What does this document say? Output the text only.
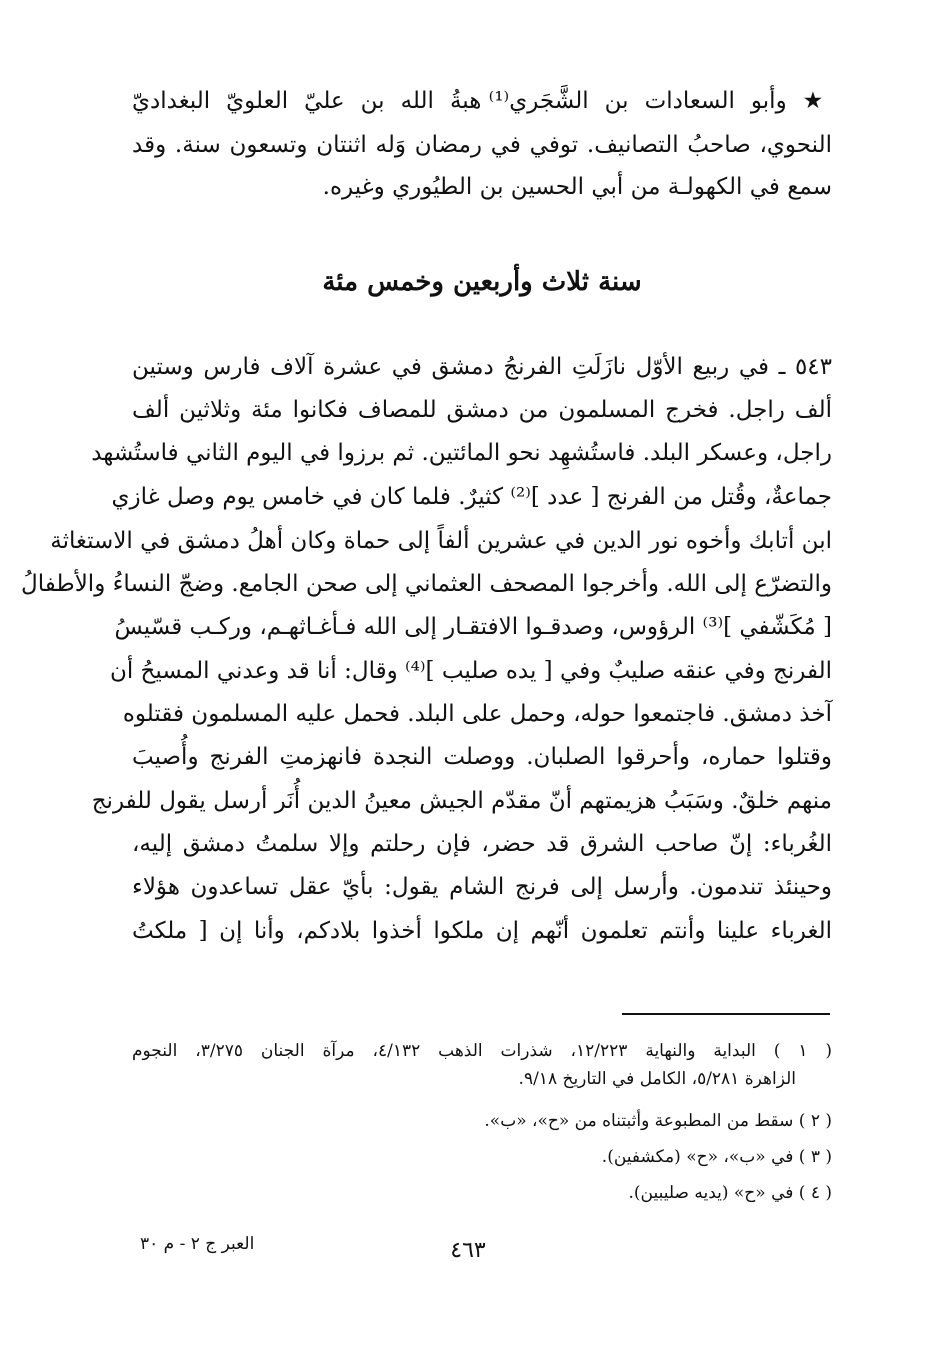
★ وأبو السعادات بن الشَّجَري⁽¹⁾ هبةُ الله بن عليّ العلويّ البغداديّ
النحوي، صاحبُ التصانيف. توفي في رمضان وَله اثنتان وتسعون سنة. وقد
سمع في الكهولـة من أبي الحسين بن الطيُوري وغيره.
سنة ثلاث وأربعين وخمس مئة
٥٤٣ ـ في ربيع الأوّل نازَلَتِ الفرنجُ دمشق في عشرة آلاف فارس وستين
ألف راجل. فخرج المسلمون من دمشق للمصاف فكانوا مئة وثلاثين ألف
راجل، وعسكر البلد. فاستُشهِد نحو المائتين. ثم برزوا في اليوم الثاني فاستُشهد
جماعةٌ، وقُتل من الفرنج [ عدد ]⁽²⁾ كثيرٌ. فلما كان في خامس يوم وصل غازي
ابن أتابك وأخوه نور الدين في عشرين ألفاً إلى حماة وكان أهلُ دمشق في الاستغاثة
والتضرّع إلى الله. وأخرجوا المصحف العثماني إلى صحن الجامع. وضجّ النساءُ والأطفالُ
[ مُكَشّفي ]⁽³⁾ الرؤوس، وصدقـوا الافتقـار إلى الله فـأغـاثهـم، وركـب قسّيسُ
الفرنج وفي عنقه صليبٌ وفي [ يده صليب ]⁽⁴⁾ وقال: أنا قد وعدني المسيحُ أن
آخذ دمشق. فاجتمعوا حوله، وحمل على البلد. فحمل عليه المسلمون فقتلوه
وقتلوا حماره، وأحرقوا الصلبان. ووصلت النجدة فانهزمتِ الفرنج وأُصيبَ
منهم خلقٌ. وسَبَبُ هزيمتهم أنّ مقدّم الجيش معينُ الدين أُنَر أرسل يقول للفرنج
الغُرباء: إنّ صاحب الشرق قد حضر، فإن رحلتم وإلا سلمتُ دمشق إليه،
وحينئذ تندمون. وأرسل إلى فرنج الشام يقول: بأيّ عقل تساعدون هؤلاء
الغرباء علينا وأنتم تعلمون أنّهم إن ملكوا أخذوا بلادكم، وأنا إن [ ملكتُ
( ١ ) البداية والنهاية ١٢/٢٢٣، شذرات الذهب ٤/١٣٢، مرآة الجنان ٣/٢٧٥، النجوم
الزاهرة ٥/٢٨١، الكامل في التاريخ ٩/١٨.
( ٢ ) سقط من المطبوعة وأثبتناه من «ح»، «ب».
( ٣ ) في «ب»، «ح» (مكشفين).
( ٤ ) في «ح» (يديه صليبين).
العبر ج ٢ - م ٣٠	٤٦٣
